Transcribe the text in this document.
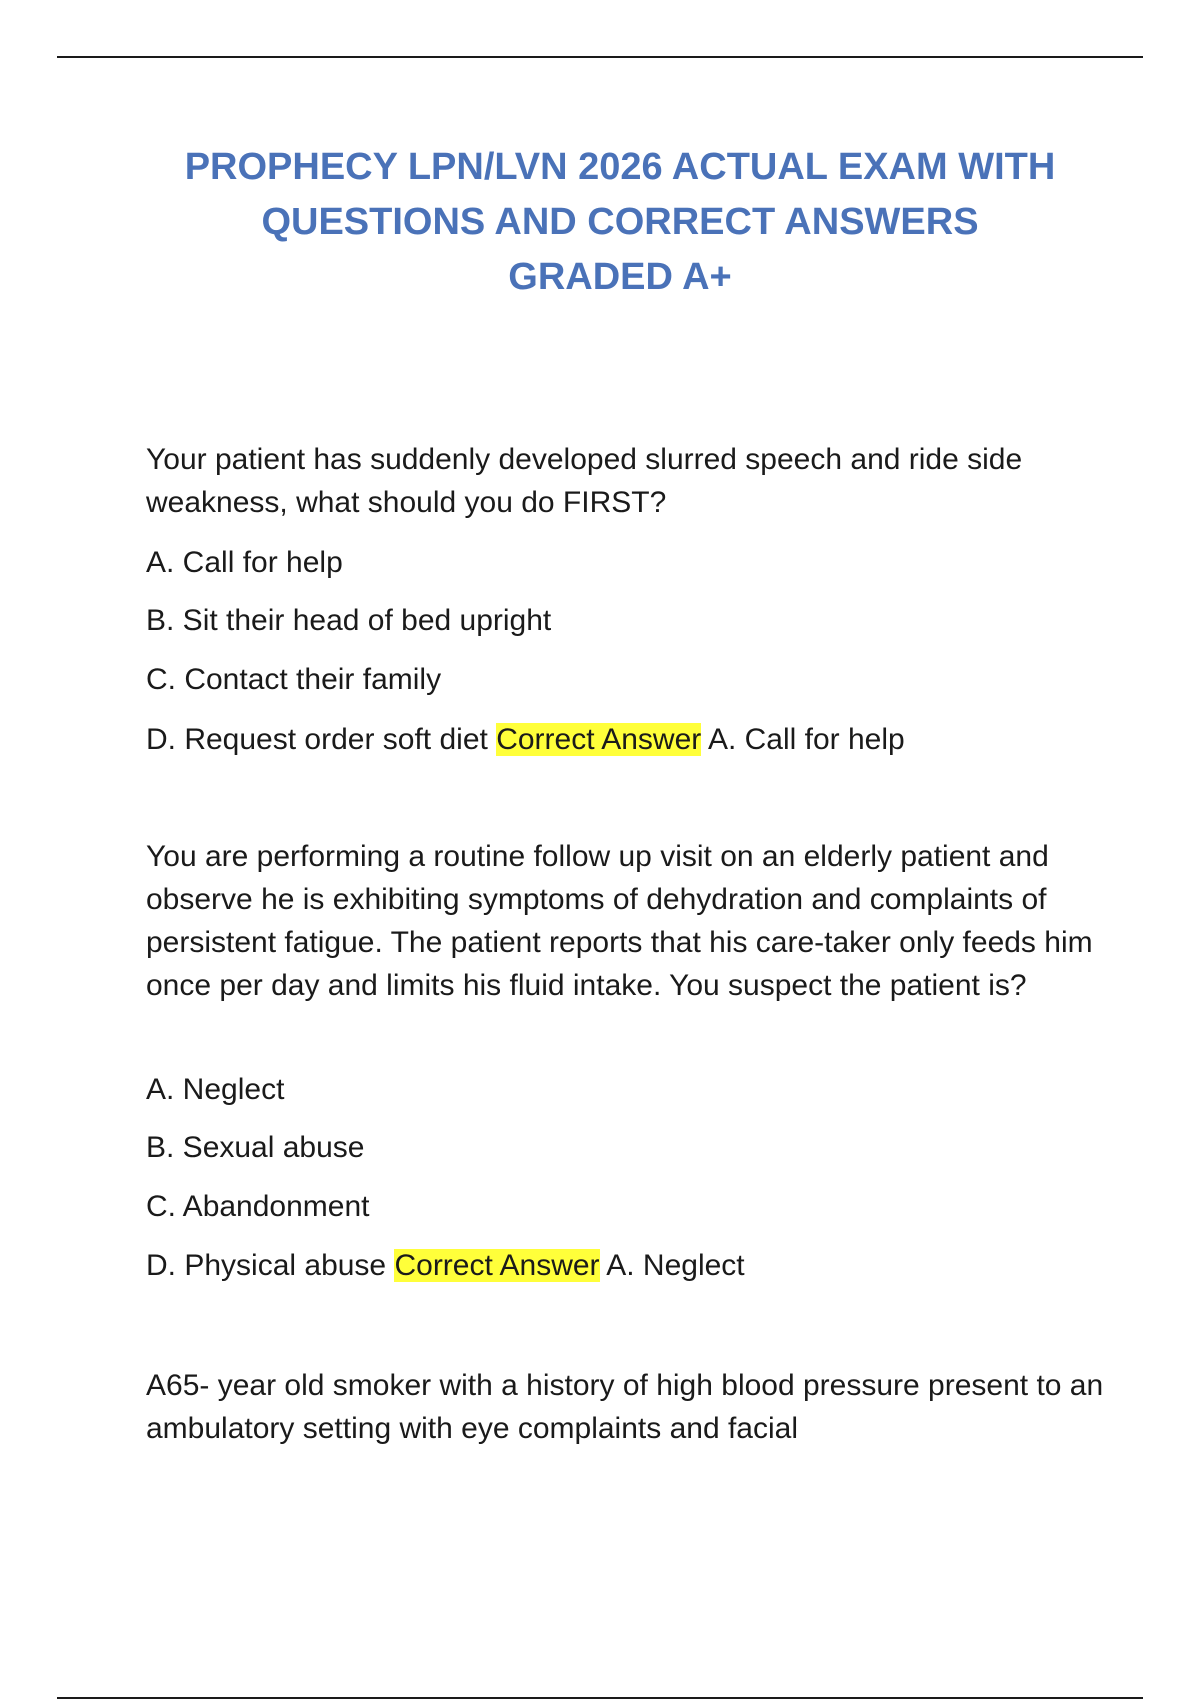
PROPHECY LPN/LVN 2026 ACTUAL EXAM WITH
QUESTIONS AND CORRECT ANSWERS
GRADED A+

Your patient has suddenly developed slurred speech and ride side weakness, what should you do FIRST?

A. Call for help

B. Sit their head of bed upright

C. Contact their family

D. Request order soft diet Correct Answer A. Call for help

You are performing a routine follow up visit on an elderly patient and observe he is exhibiting symptoms of dehydration and complaints of persistent fatigue. The patient reports that his care-taker only feeds him once per day and limits his fluid intake. You suspect the patient is?

A. Neglect

B. Sexual abuse

C. Abandonment

D. Physical abuse Correct Answer A. Neglect

A65- year old smoker with a history of high blood pressure present to an ambulatory setting with eye complaints and facial
